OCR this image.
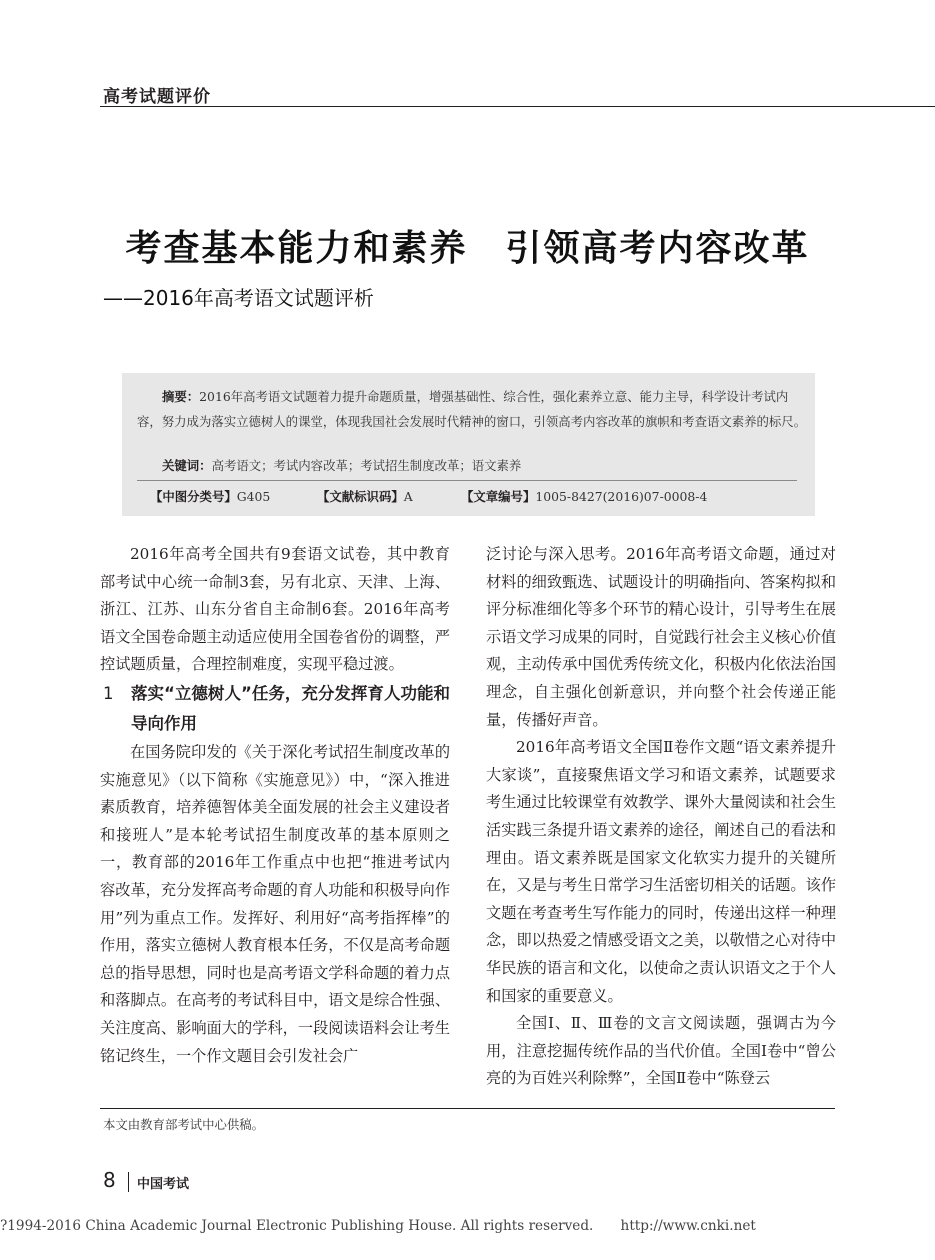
高考试题评价
考查基本能力和素养　引领高考内容改革
——2016年高考语文试题评析
摘要：2016年高考语文试题着力提升命题质量，增强基础性、综合性，强化素养立意、能力主导，科学设计考试内容，努力成为落实立德树人的课堂，体现我国社会发展时代精神的窗口，引领高考内容改革的旗帜和考查语文素养的标尺。
关键词：高考语文；考试内容改革；考试招生制度改革；语文素养
【中图分类号】G405	【文献标识码】A	【文章编号】1005-8427(2016)07-0008-4

2016年高考全国共有9套语文试卷，其中教育部考试中心统一命制3套，另有北京、天津、上海、浙江、江苏、山东分省自主命制6套。2016年高考语文全国卷命题主动适应使用全国卷省份的调整，严控试题质量，合理控制难度，实现平稳过渡。

1 落实“立德树人”任务，充分发挥育人功能和导向作用

在国务院印发的《关于深化考试招生制度改革的实施意见》（以下简称《实施意见》）中，“深入推进素质教育，培养德智体美全面发展的社会主义建设者和接班人”是本轮考试招生制度改革的基本原则之一，教育部的2016年工作重点中也把“推进考试内容改革，充分发挥高考命题的育人功能和积极导向作用”列为重点工作。发挥好、利用好“高考指挥棒”的作用，落实立德树人教育根本任务，不仅是高考命题总的指导思想，同时也是高考语文学科命题的着力点和落脚点。在高考的考试科目中，语文是综合性强、关注度高、影响面大的学科，一段阅读语料会让考生铭记终生，一个作文题目会引发社会广

泛讨论与深入思考。2016年高考语文命题，通过对材料的细致甄选、试题设计的明确指向、答案构拟和评分标准细化等多个环节的精心设计，引导考生在展示语文学习成果的同时，自觉践行社会主义核心价值观，主动传承中国优秀传统文化，积极内化依法治国理念，自主强化创新意识，并向整个社会传递正能量，传播好声音。

2016年高考语文全国Ⅱ卷作文题“语文素养提升大家谈”，直接聚焦语文学习和语文素养，试题要求考生通过比较课堂有效教学、课外大量阅读和社会生活实践三条提升语文素养的途径，阐述自己的看法和理由。语文素养既是国家文化软实力提升的关键所在，又是与考生日常学习生活密切相关的话题。该作文题在考查考生写作能力的同时，传递出这样一种理念，即以热爱之情感受语文之美，以敬惜之心对待中华民族的语言和文化，以使命之责认识语文之于个人和国家的重要意义。

全国Ⅰ、Ⅱ、Ⅲ卷的文言文阅读题，强调古为今用，注意挖掘传统作品的当代价值。全国Ⅰ卷中“曾公亮的为百姓兴利除弊”，全国Ⅱ卷中“陈登云

本文由教育部考试中心供稿。
8 中国考试
?1994-2016 China Academic Journal Electronic Publishing House. All rights reserved.　　http://www.cnki.net
